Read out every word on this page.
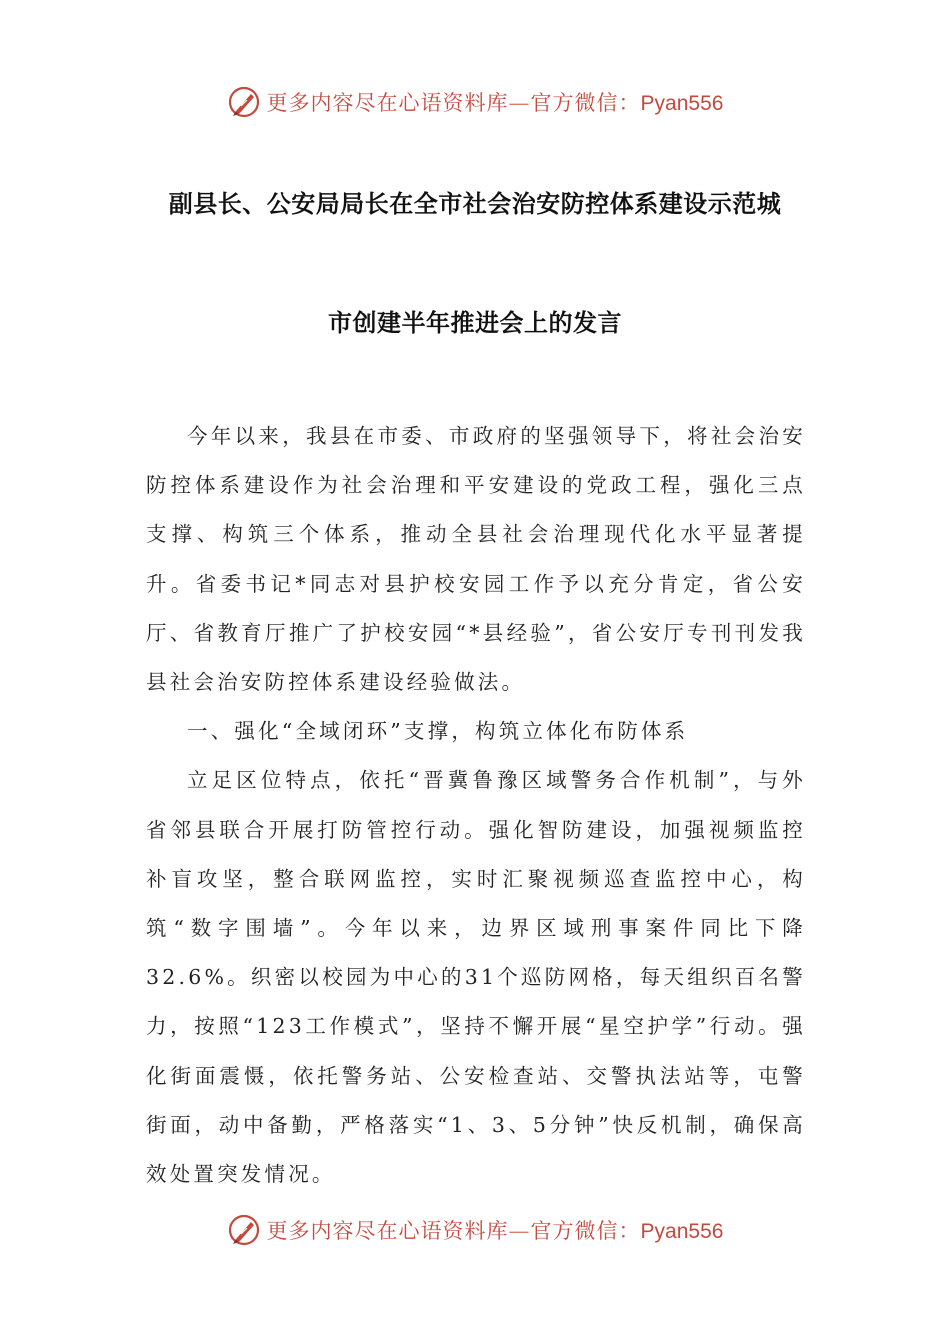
更多内容尽在心语资料库—官方微信：Pyan556
副县长、公安局局长在全市社会治安防控体系建设示范城
市创建半年推进会上的发言

今年以来，我县在市委、市政府的坚强领导下，将社会治安防控体系建设作为社会治理和平安建设的党政工程，强化三点支撑、构筑三个体系，推动全县社会治理现代化水平显著提升。省委书记*同志对县护校安园工作予以充分肯定，省公安厅、省教育厅推广了护校安园“*县经验”，省公安厅专刊刊发我县社会治安防控体系建设经验做法。

一、强化“全域闭环”支撑，构筑立体化布防体系

立足区位特点，依托“晋冀鲁豫区域警务合作机制”，与外省邻县联合开展打防管控行动。强化智防建设，加强视频监控补盲攻坚，整合联网监控，实时汇聚视频巡查监控中心，构筑“数字围墙”。今年以来，边界区域刑事案件同比下降32.6%。织密以校园为中心的31个巡防网格，每天组织百名警力，按照“123工作模式”，坚持不懈开展“星空护学”行动。强化街面震慑，依托警务站、公安检查站、交警执法站等，屯警街面，动中备勤，严格落实“1、3、5分钟”快反机制，确保高效处置突发情况。

更多内容尽在心语资料库—官方微信：Pyan556
